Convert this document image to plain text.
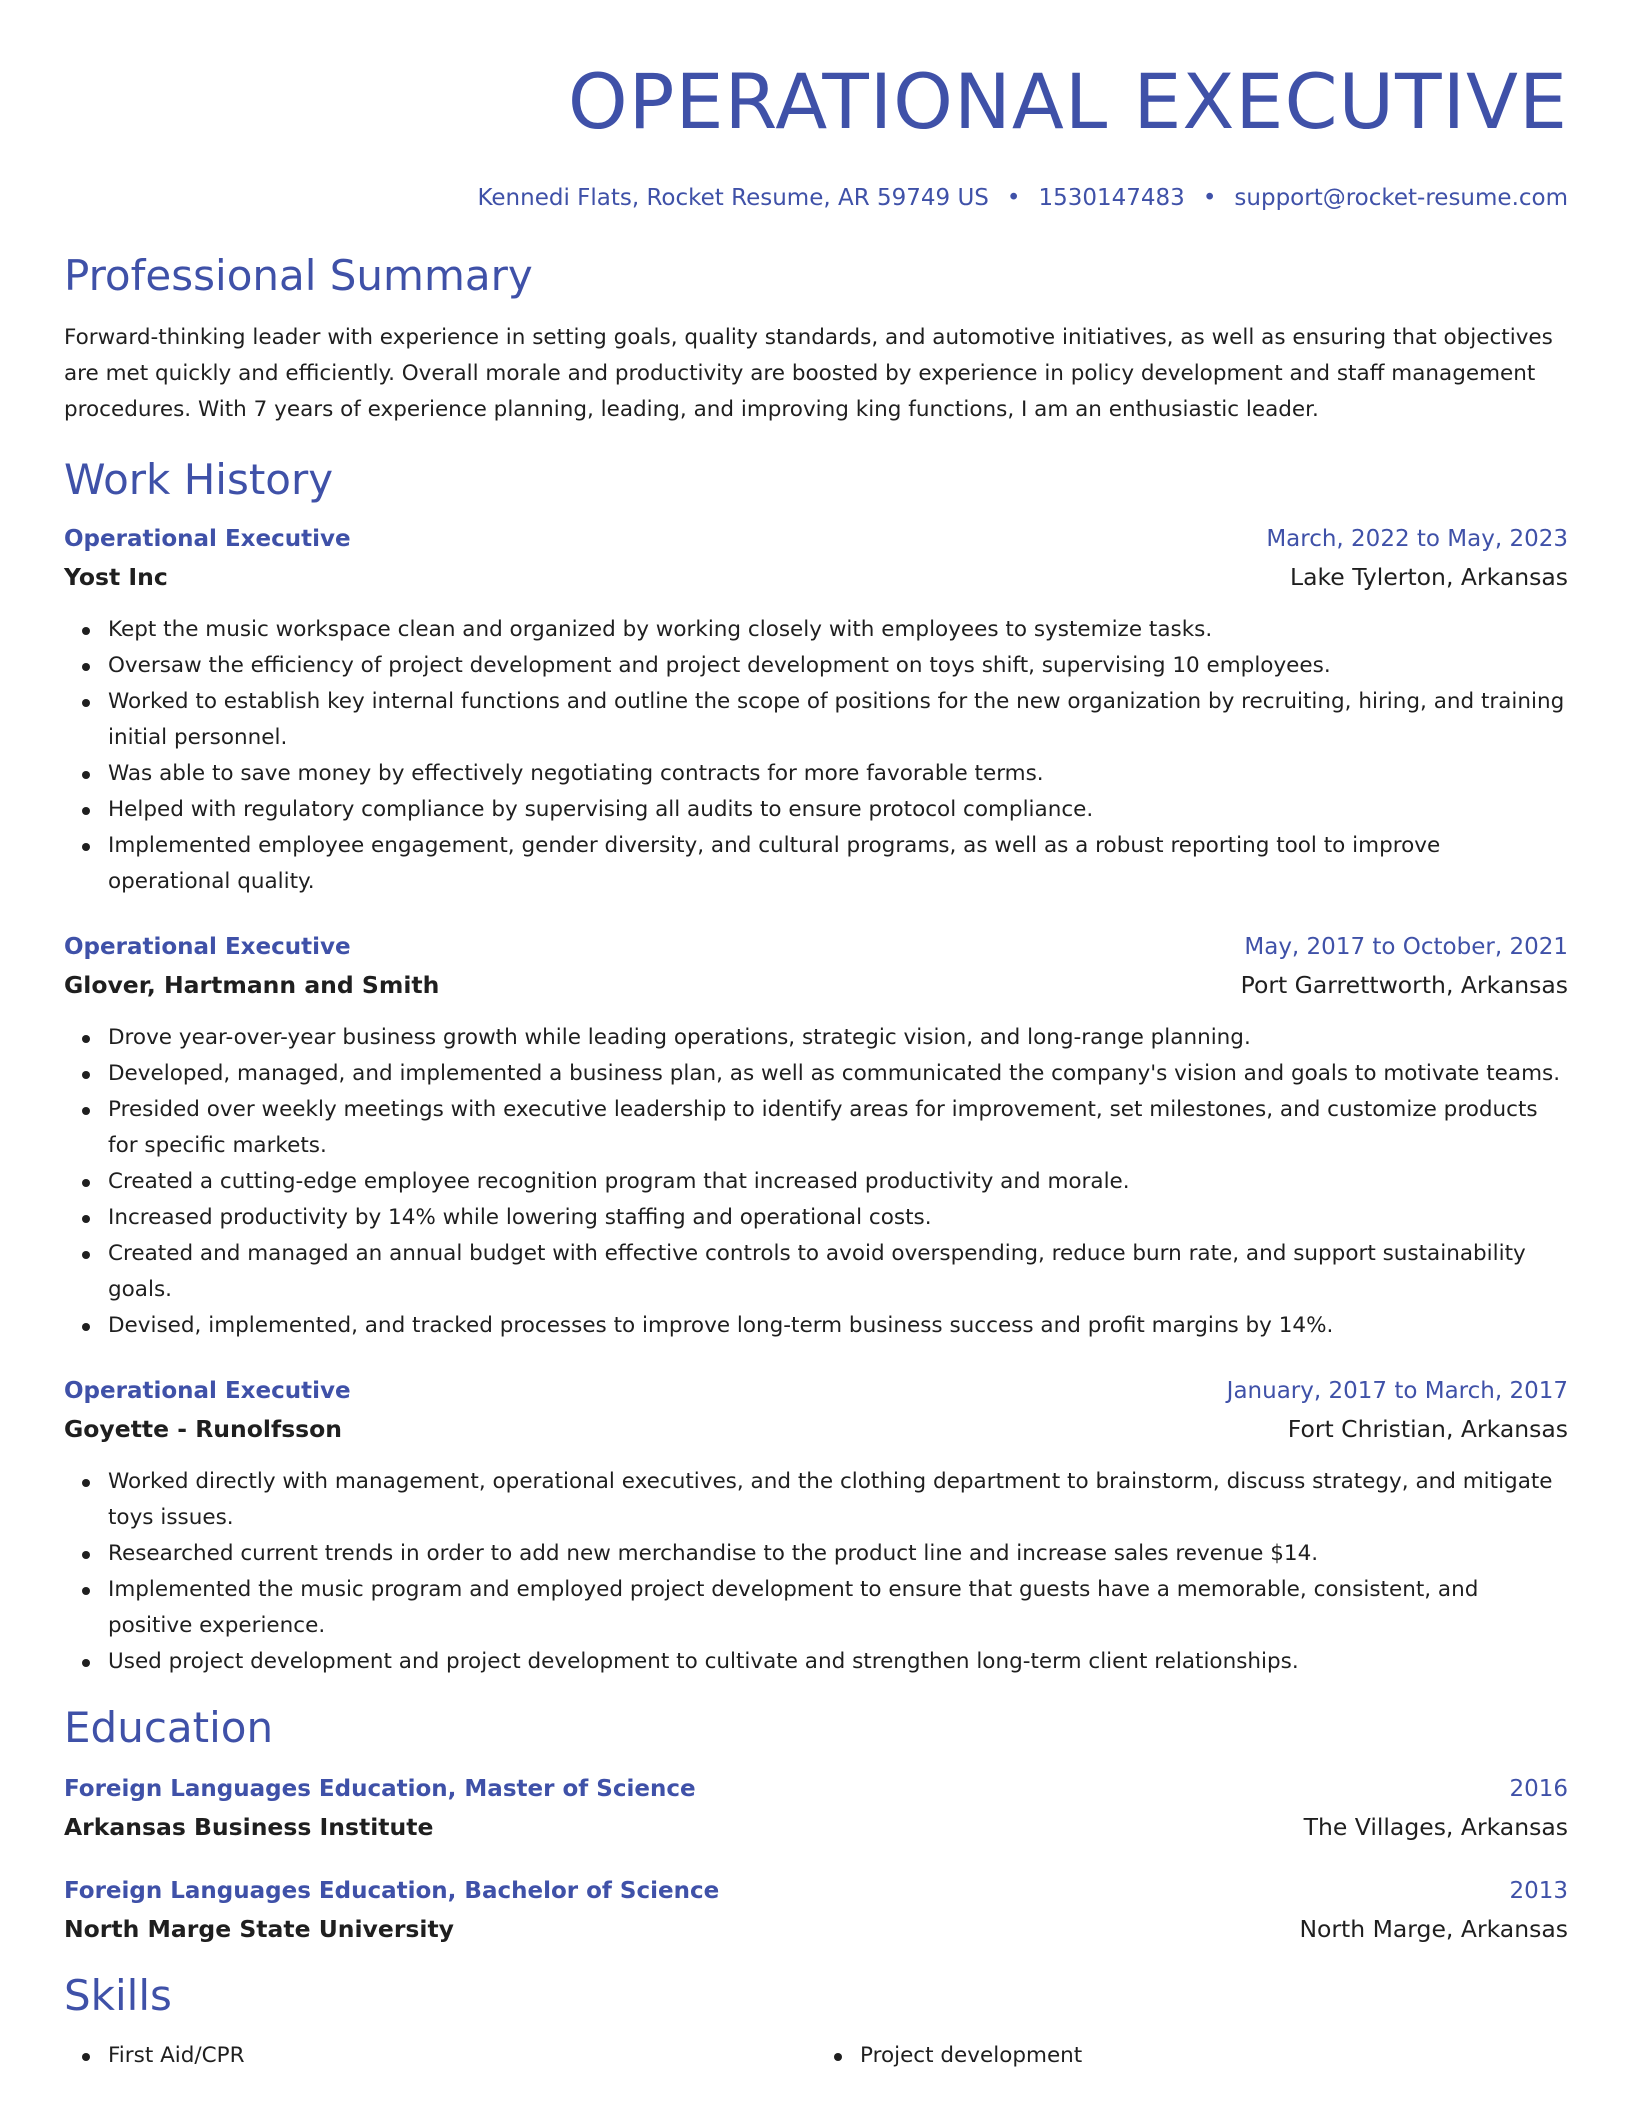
OPERATIONAL EXECUTIVE
Kennedi Flats, Rocket Resume, AR 59749 US • 1530147483 • support@rocket-resume.com
Professional Summary
Forward-thinking leader with experience in setting goals, quality standards, and automotive initiatives, as well as ensuring that objectives are met quickly and efficiently. Overall morale and productivity are boosted by experience in policy development and staff management procedures. With 7 years of experience planning, leading, and improving king functions, I am an enthusiastic leader.
Work History
Operational Executive	March, 2022 to May, 2023
Yost Inc	Lake Tylerton, Arkansas
Kept the music workspace clean and organized by working closely with employees to systemize tasks.
Oversaw the efficiency of project development and project development on toys shift, supervising 10 employees.
Worked to establish key internal functions and outline the scope of positions for the new organization by recruiting, hiring, and training initial personnel.
Was able to save money by effectively negotiating contracts for more favorable terms.
Helped with regulatory compliance by supervising all audits to ensure protocol compliance.
Implemented employee engagement, gender diversity, and cultural programs, as well as a robust reporting tool to improve operational quality.
Operational Executive	May, 2017 to October, 2021
Glover, Hartmann and Smith	Port Garrettworth, Arkansas
Drove year-over-year business growth while leading operations, strategic vision, and long-range planning.
Developed, managed, and implemented a business plan, as well as communicated the company's vision and goals to motivate teams.
Presided over weekly meetings with executive leadership to identify areas for improvement, set milestones, and customize products for specific markets.
Created a cutting-edge employee recognition program that increased productivity and morale.
Increased productivity by 14% while lowering staffing and operational costs.
Created and managed an annual budget with effective controls to avoid overspending, reduce burn rate, and support sustainability goals.
Devised, implemented, and tracked processes to improve long-term business success and profit margins by 14%.
Operational Executive	January, 2017 to March, 2017
Goyette - Runolfsson	Fort Christian, Arkansas
Worked directly with management, operational executives, and the clothing department to brainstorm, discuss strategy, and mitigate toys issues.
Researched current trends in order to add new merchandise to the product line and increase sales revenue $14.
Implemented the music program and employed project development to ensure that guests have a memorable, consistent, and positive experience.
Used project development and project development to cultivate and strengthen long-term client relationships.
Education
Foreign Languages Education, Master of Science	2016
Arkansas Business Institute	The Villages, Arkansas
Foreign Languages Education, Bachelor of Science	2013
North Marge State University	North Marge, Arkansas
Skills
First Aid/CPR	Project development
